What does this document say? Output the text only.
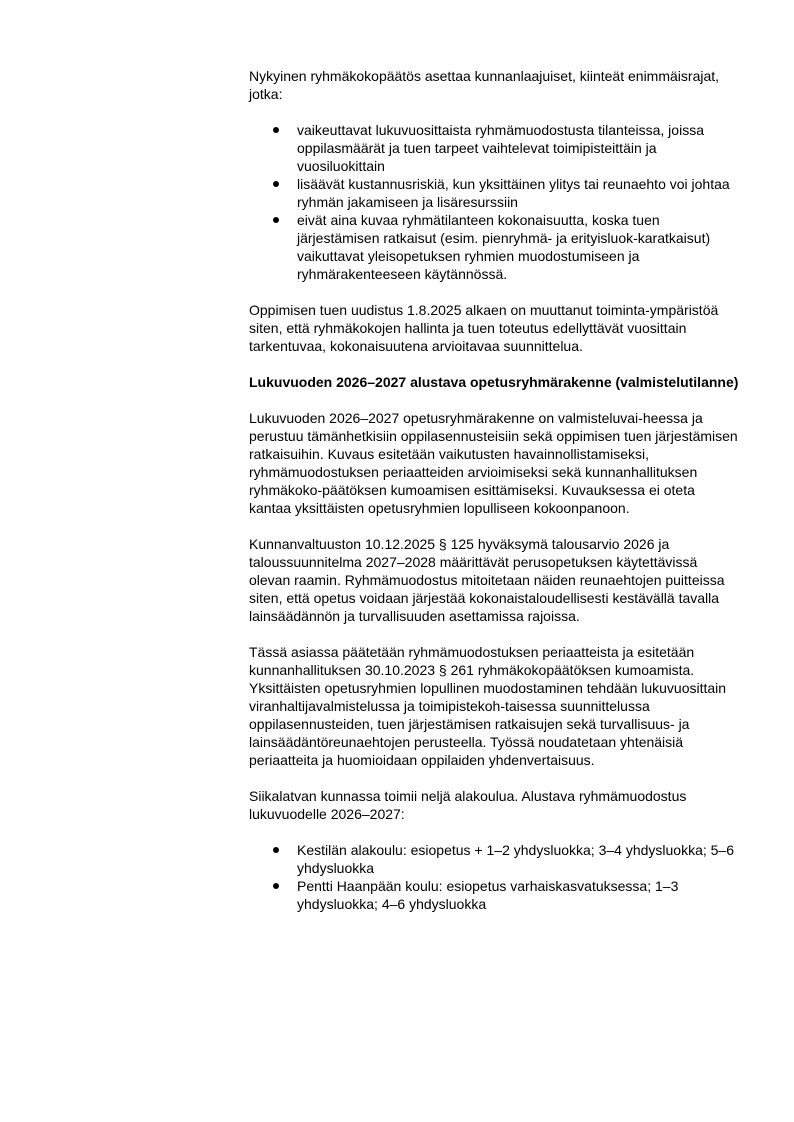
Nykyinen ryhmäkokopäätös asettaa kunnanlaajuiset, kiinteät enimmäisrajat, jotka:

vaikeuttavat lukuvuosittaista ryhmämuodostusta tilanteissa, joissa oppilasmäärät ja tuen tarpeet vaihtelevat toimipisteittäin ja vuosiluokittain
lisäävät kustannusriskiä, kun yksittäinen ylitys tai reunaehto voi johtaa ryhmän jakamiseen ja lisäresurssiin
eivät aina kuvaa ryhmätilanteen kokonaisuutta, koska tuen järjestämisen ratkaisut (esim. pienryhmä- ja erityisluok-karatkaisut) vaikuttavat yleisopetuksen ryhmien muodostumiseen ja ryhmärakenteeseen käytännössä.

Oppimisen tuen uudistus 1.8.2025 alkaen on muuttanut toiminta-ympäristöä siten, että ryhmäkokojen hallinta ja tuen toteutus edellyttävät vuosittain tarkentuvaa, kokonaisuutena arvioitavaa suunnittelua.

Lukuvuoden 2026–2027 alustava opetusryhmärakenne (valmistelutilanne)

Lukuvuoden 2026–2027 opetusryhmärakenne on valmisteluvai-heessa ja perustuu tämänhetkisiin oppilasennusteisiin sekä oppimisen tuen järjestämisen ratkaisuihin. Kuvaus esitetään vaikutusten havainnollistamiseksi, ryhmämuodostuksen periaatteiden arvioimiseksi sekä kunnanhallituksen ryhmäkoko-päätöksen kumoamisen esittämiseksi. Kuvauksessa ei oteta kantaa yksittäisten opetusryhmien lopulliseen kokoonpanoon.

Kunnanvaltuuston 10.12.2025 § 125 hyväksymä talousarvio 2026 ja taloussuunnitelma 2027–2028 määrittävät perusopetuksen käytettävissä olevan raamin. Ryhmämuodostus mitoitetaan näiden reunaehtojen puitteissa siten, että opetus voidaan järjestää kokonaistaloudellisesti kestävällä tavalla lainsäädännön ja turvallisuuden asettamissa rajoissa.

Tässä asiassa päätetään ryhmämuodostuksen periaatteista ja esitetään kunnanhallituksen 30.10.2023 § 261 ryhmäkokopäätöksen kumoamista. Yksittäisten opetusryhmien lopullinen muodostaminen tehdään lukuvuosittain viranhaltijavalmistelussa ja toimipistekoh-taisessa suunnittelussa oppilasennusteiden, tuen järjestämisen ratkaisujen sekä turvallisuus- ja lainsäädäntöreunaehtojen perusteella. Työssä noudatetaan yhtenäisiä periaatteita ja huomioidaan oppilaiden yhdenvertaisuus.

Siikalatvan kunnassa toimii neljä alakoulua. Alustava ryhmämuodostus lukuvuodelle 2026–2027:

Kestilän alakoulu: esiopetus + 1–2 yhdysluokka; 3–4 yhdysluokka; 5–6 yhdysluokka
Pentti Haanpään koulu: esiopetus varhaiskasvatuksessa; 1–3 yhdysluokka; 4–6 yhdysluokka
